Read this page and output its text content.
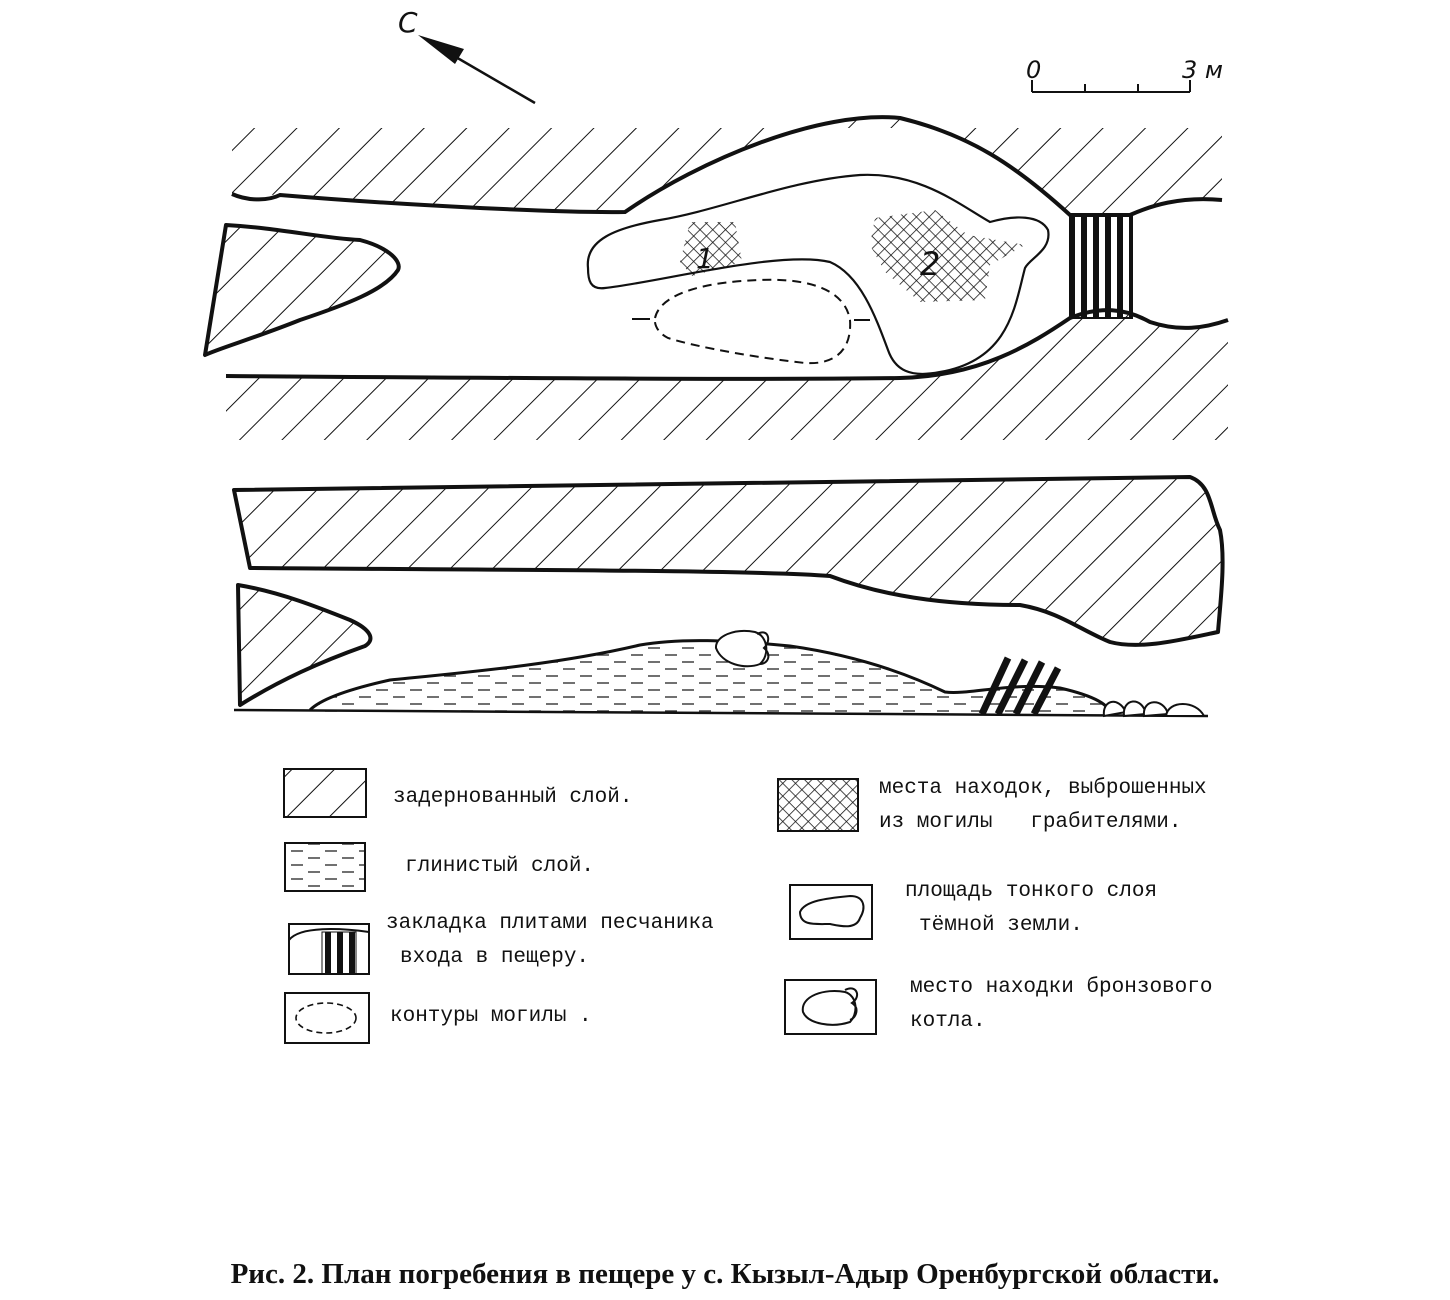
С
0	3 м
1	2
задернованный слой.
глинистый слой.
закладка плитами песчаника
входа в пещеру.
контуры могилы .
места находок, выброшенных
из могилы   грабителями.
площадь тонкого слоя
тёмной земли.
место находки бронзового
котла.
Рис. 2. План погребения в пещере у с. Кызыл-Адыр Оренбургской области.
